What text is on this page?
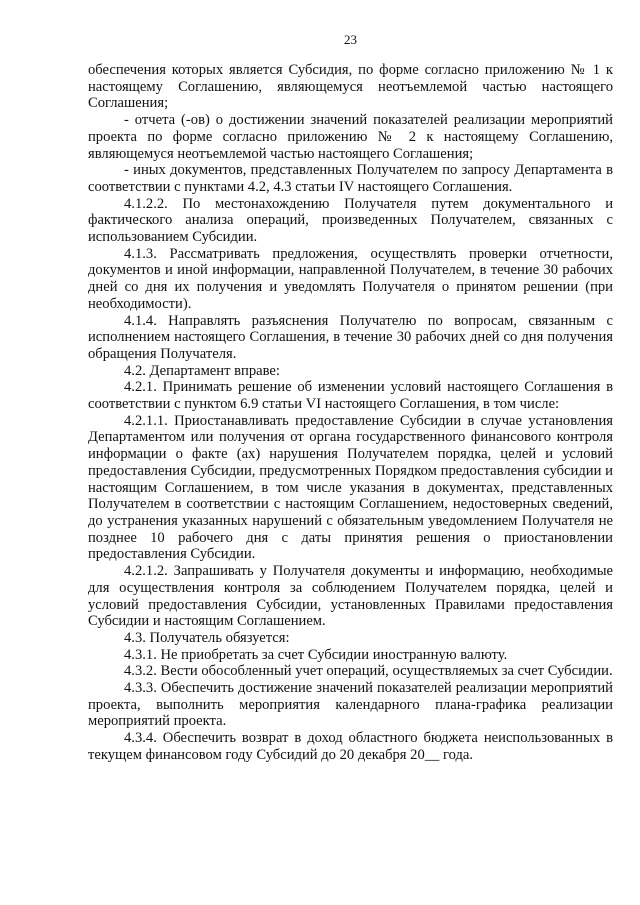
23

обеспечения которых является Субсидия, по форме согласно приложению № 1 к настоящему Соглашению, являющемуся неотъемлемой частью настоящего Соглашения;

- отчета (-ов) о достижении значений показателей реализации мероприятий проекта по форме согласно приложению № 2 к настоящему Соглашению, являющемуся неотъемлемой частью настоящего Соглашения;

- иных документов, представленных Получателем по запросу Департамента в соответствии с пунктами 4.2, 4.3 статьи IV настоящего Соглашения.

4.1.2.2. По местонахождению Получателя путем документального и фактического анализа операций, произведенных Получателем, связанных с использованием Субсидии.

4.1.3. Рассматривать предложения, осуществлять проверки отчетности, документов и иной информации, направленной Получателем, в течение 30 рабочих дней со дня их получения и уведомлять Получателя о принятом решении (при необходимости).

4.1.4. Направлять разъяснения Получателю по вопросам, связанным с исполнением настоящего Соглашения, в течение 30 рабочих дней со дня получения обращения Получателя.

4.2. Департамент вправе:

4.2.1. Принимать решение об изменении условий настоящего Соглашения в соответствии с пунктом 6.9 статьи VI настоящего Соглашения, в том числе:

4.2.1.1. Приостанавливать предоставление Субсидии в случае установления Департаментом или получения от органа государственного финансового контроля информации о факте (ах) нарушения Получателем порядка, целей и условий предоставления Субсидии, предусмотренных Порядком предоставления субсидии и настоящим Соглашением, в том числе указания в документах, представленных Получателем в соответствии с настоящим Соглашением, недостоверных сведений, до устранения указанных нарушений с обязательным уведомлением Получателя не позднее 10 рабочего дня с даты принятия решения о приостановлении предоставления Субсидии.

4.2.1.2. Запрашивать у Получателя документы и информацию, необходимые для осуществления контроля за соблюдением Получателем порядка, целей и условий предоставления Субсидии, установленных Правилами предоставления Субсидии и настоящим Соглашением.

4.3. Получатель обязуется:

4.3.1. Не приобретать за счет Субсидии иностранную валюту.

4.3.2. Вести обособленный учет операций, осуществляемых за счет Субсидии.

4.3.3. Обеспечить достижение значений показателей реализации мероприятий проекта, выполнить мероприятия календарного плана-графика реализации мероприятий проекта.

4.3.4. Обеспечить возврат в доход областного бюджета неиспользованных в текущем финансовом году Субсидий до 20 декабря 20__ года.
